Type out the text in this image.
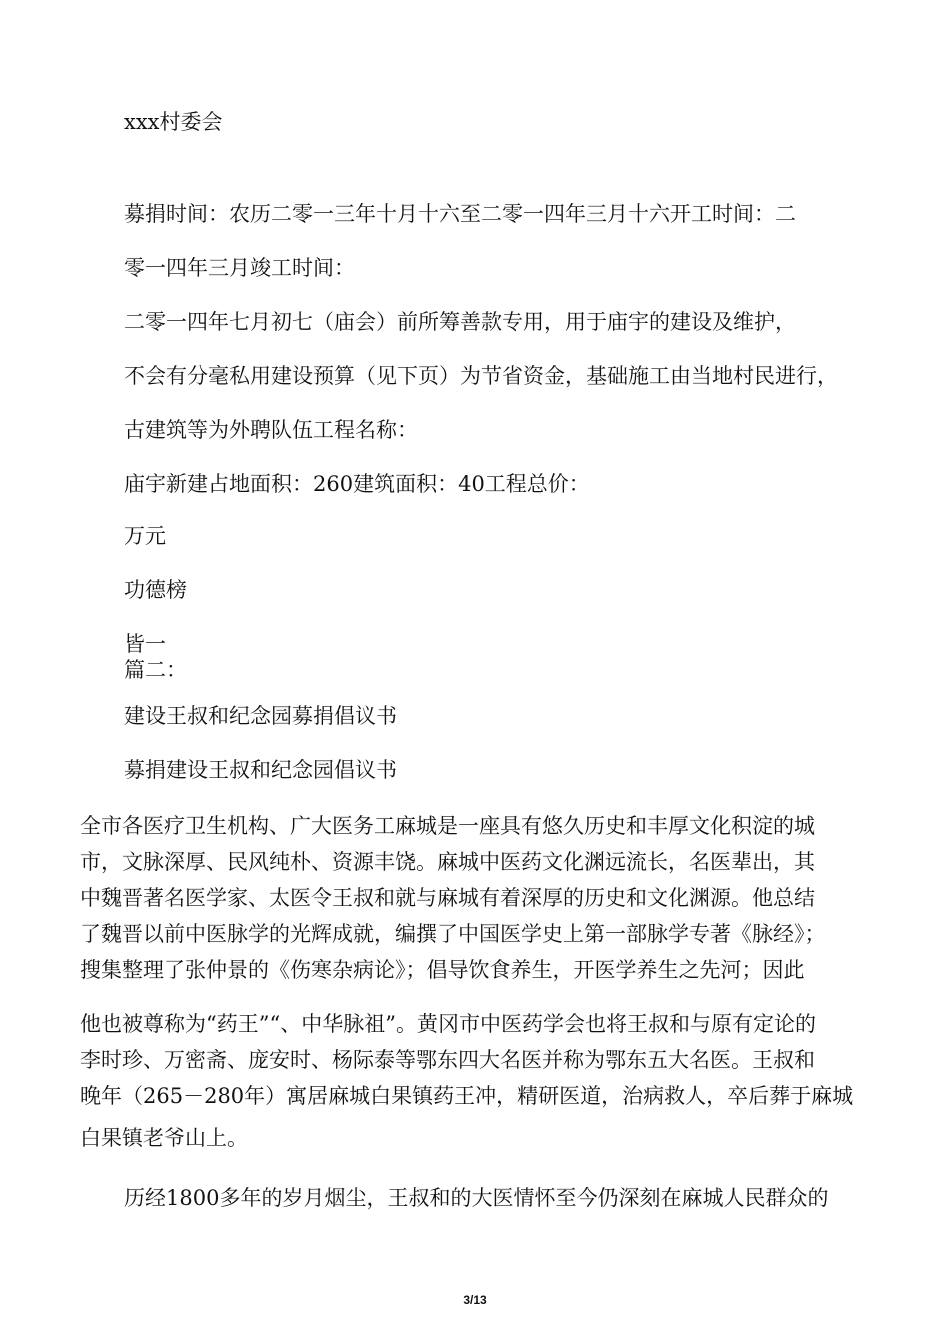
xxx村委会
募捐时间：农历二零一三年十月十六至二零一四年三月十六开工时间：二
零一四年三月竣工时间：
二零一四年七月初七（庙会）前所筹善款专用，用于庙宇的建设及维护，
不会有分毫私用建设预算（见下页）为节省资金，基础施工由当地村民进行，
古建筑等为外聘队伍工程名称：
庙宇新建占地面积：260建筑面积：40工程总价：
万元
功德榜
皆一
篇二：
建设王叔和纪念园募捐倡议书
募捐建设王叔和纪念园倡议书
全市各医疗卫生机构、广大医务工麻城是一座具有悠久历史和丰厚文化积淀的城
市，文脉深厚、民风纯朴、资源丰饶。麻城中医药文化渊远流长，名医辈出，其
中魏晋著名医学家、太医令王叔和就与麻城有着深厚的历史和文化渊源。他总结
了魏晋以前中医脉学的光辉成就，编撰了中国医学史上第一部脉学专著《脉经》；
搜集整理了张仲景的《伤寒杂病论》；倡导饮食养生，开医学养生之先河；因此
他也被尊称为“药王”“、中华脉祖”。黄冈市中医药学会也将王叔和与原有定论的
李时珍、万密斋、庞安时、杨际泰等鄂东四大名医并称为鄂东五大名医。王叔和
晚年（265－280年）寓居麻城白果镇药王冲，精研医道，治病救人，卒后葬于麻城
白果镇老爷山上。
历经1800多年的岁月烟尘，王叔和的大医情怀至今仍深刻在麻城人民群众的
3/13
